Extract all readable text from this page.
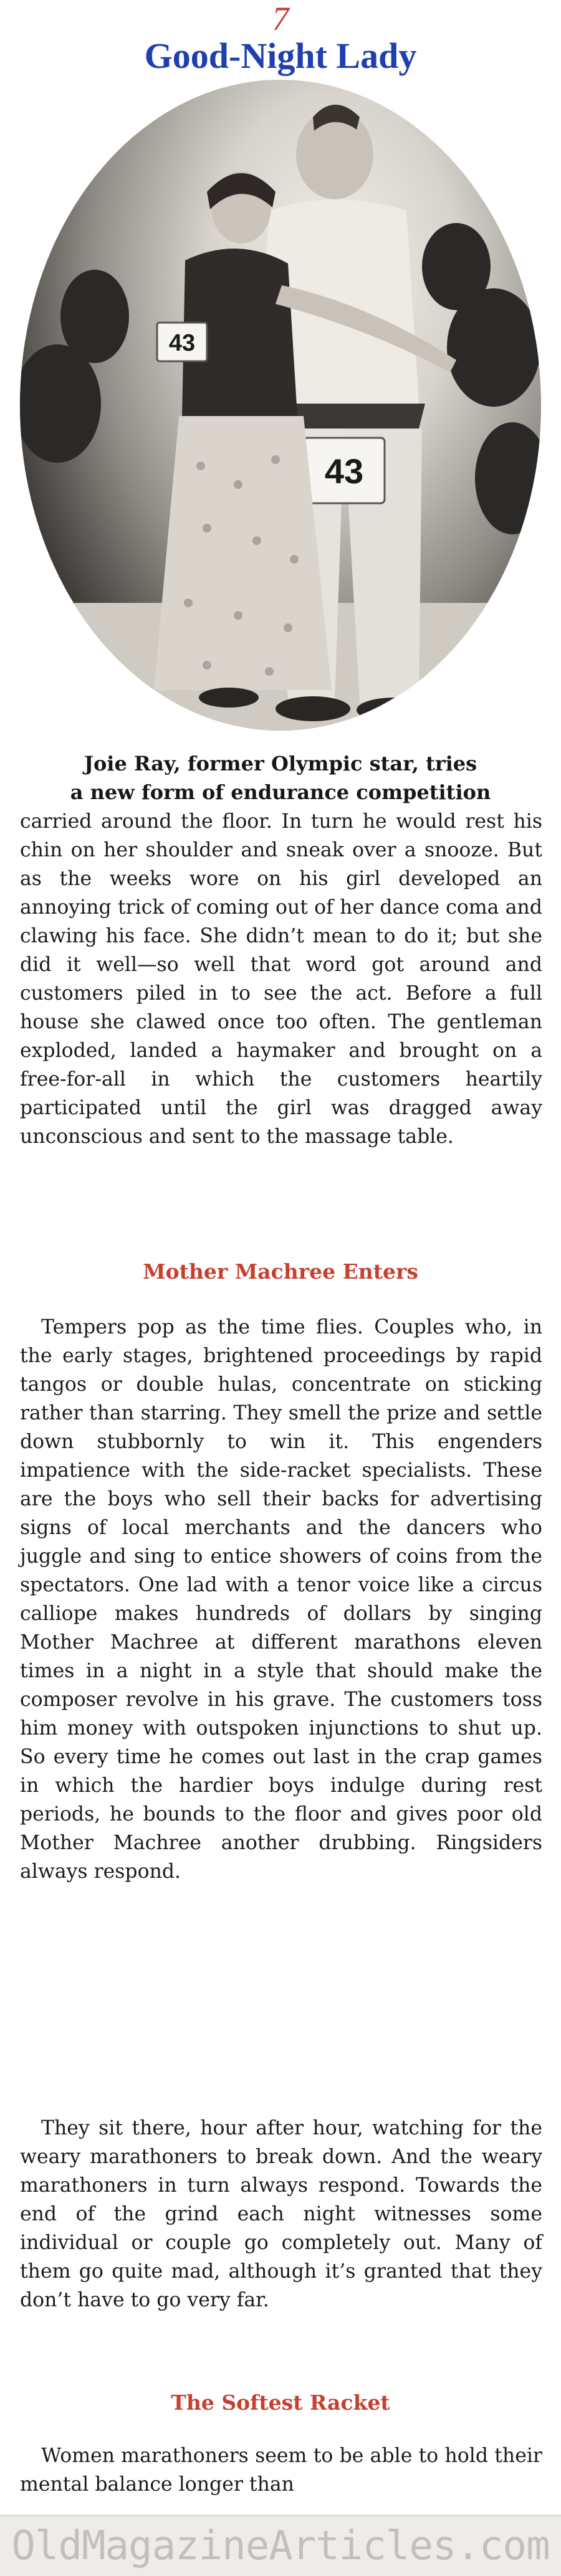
7
Good-Night Lady
43
43
Joie Ray, former Olympic star, tries
a new form of endurance competition

carried around the floor. In turn he would rest his chin on her shoulder and sneak over a snooze. But as the weeks wore on his girl developed an annoying trick of coming out of her dance coma and clawing his face. She didn’t mean to do it; but she did it well—so well that word got around and customers piled in to see the act. Before a full house she clawed once too often. The gentleman exploded, landed a haymaker and brought on a free-for-all in which the customers heartily participated until the girl was dragged away unconscious and sent to the massage table.

Mother Machree Enters

Tempers pop as the time flies. Couples who, in the early stages, brightened proceedings by rapid tangos or double hulas, concentrate on sticking rather than starring. They smell the prize and settle down stubbornly to win it. This engenders impatience with the side-racket specialists. These are the boys who sell their backs for advertising signs of local merchants and the dancers who juggle and sing to entice showers of coins from the spectators. One lad with a tenor voice like a circus calliope makes hundreds of dollars by singing Mother Machree at different marathons eleven times in a night in a style that should make the composer revolve in his grave. The customers toss him money with outspoken injunctions to shut up. So every time he comes out last in the crap games in which the hardier boys indulge during rest periods, he bounds to the floor and gives poor old Mother Machree another drubbing. Ringsiders always respond.

They sit there, hour after hour, watching for the weary marathoners to break down. And the weary marathoners in turn always respond. Towards the end of the grind each night witnesses some individual or couple go completely out. Many of them go quite mad, although it’s granted that they don’t have to go very far.

The Softest Racket

Women marathoners seem to be able to hold their mental balance longer than

OldMagazineArticles.com
